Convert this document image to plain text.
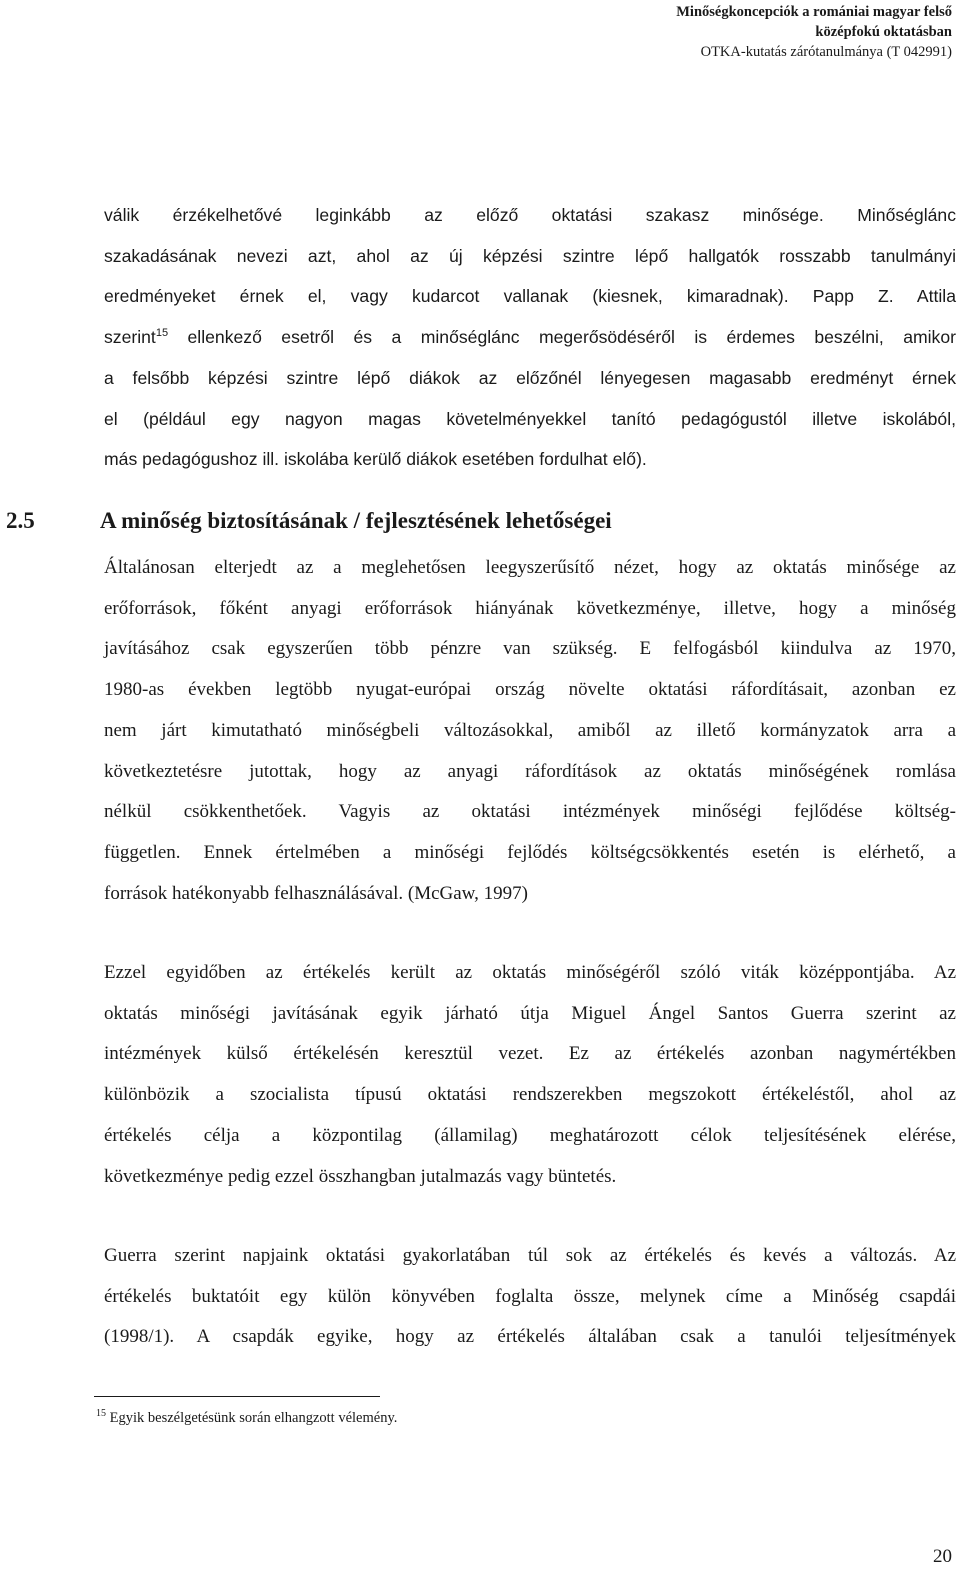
Minőségkoncepciók a romániai magyar felső
középfokú oktatásban
OTKA-kutatás zárótanulmánya (T 042991)

válik érzékelhetővé leginkább az előző oktatási szakasz minősége. Minőséglánc
szakadásának nevezi azt, ahol az új képzési szintre lépő hallgatók rosszabb tanulmányi
eredményeket érnek el, vagy kudarcot vallanak (kiesnek, kimaradnak). Papp Z. Attila
szerint$^{15}$ ellenkező esetről és a minőséglánc megerősödéséről is érdemes beszélni, amikor
a felsőbb képzési szintre lépő diákok az előzőnél lényegesen magasabb eredményt érnek
el (például egy nagyon magas követelményekkel tanító pedagógustól illetve iskolából,
más pedagógushoz ill. iskolába kerülő diákok esetében fordulhat elő).

2.5	A minőség biztosításának / fejlesztésének lehetőségei

Általánosan elterjedt az a meglehetősen leegyszerűsítő nézet, hogy az oktatás minősége az
erőforrások, főként anyagi erőforrások hiányának következménye, illetve, hogy a minőség
javításához csak egyszerűen több pénzre van szükség. E felfogásból kiindulva az 1970,
1980-as években legtöbb nyugat-európai ország növelte oktatási ráfordításait, azonban ez
nem járt kimutatható minőségbeli változásokkal, amiből az illető kormányzatok arra a
következtetésre jutottak, hogy az anyagi ráfordítások az oktatás minőségének romlása
nélkül csökkenthetőek. Vagyis az oktatási intézmények minőségi fejlődése költség-
független. Ennek értelmében a minőségi fejlődés költségcsökkentés esetén is elérhető, a
források hatékonyabb felhasználásával. (McGaw, 1997)

Ezzel egyidőben az értékelés került az oktatás minőségéről szóló viták középpontjába. Az
oktatás minőségi javításának egyik járható útja Miguel Ángel Santos Guerra szerint az
intézmények külső értékelésén keresztül vezet. Ez az értékelés azonban nagymértékben
különbözik a szocialista típusú oktatási rendszerekben megszokott értékeléstől, ahol az
értékelés célja a központilag (államilag) meghatározott célok teljesítésének elérése,
következménye pedig ezzel összhangban jutalmazás vagy büntetés.

Guerra szerint napjaink oktatási gyakorlatában túl sok az értékelés és kevés a változás. Az
értékelés buktatóit egy külön könyvében foglalta össze, melynek címe a Minőség csapdái
(1998/1). A csapdák egyike, hogy az értékelés általában csak a tanulói teljesítmények

$^{15}$ Egyik beszélgetésünk során elhangzott vélemény.
20
